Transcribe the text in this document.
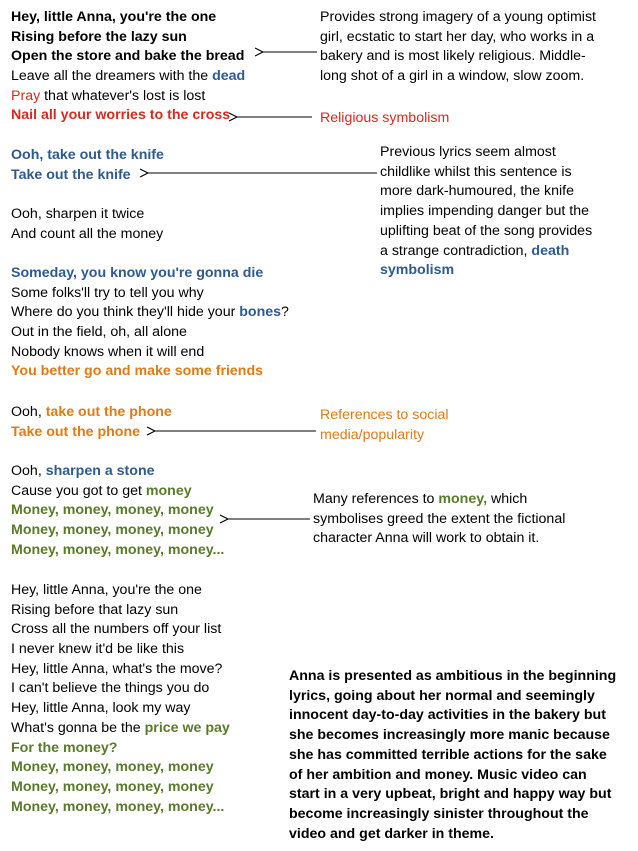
Hey, little Anna, you're the one
Rising before the lazy sun
Open the store and bake the bread
Leave all the dreamers with the dead
Pray that whatever's lost is lost
Nail all your worries to the cross
Ooh, take out the knife
Take out the knife
Ooh, sharpen it twice
And count all the money
Someday, you know you're gonna die
Some folks'll try to tell you why
Where do you think they'll hide your bones?
Out in the field, oh, all alone
Nobody knows when it will end
You better go and make some friends
Ooh, take out the phone
Take out the phone
Ooh, sharpen a stone
Cause you got to get money
Money, money, money, money
Money, money, money, money
Money, money, money, money...
Hey, little Anna, you're the one
Rising before that lazy sun
Cross all the numbers off your list
I never knew it'd be like this
Hey, little Anna, what's the move?
I can't believe the things you do
Hey, little Anna, look my way
What's gonna be the price we pay
For the money?
Money, money, money, money
Money, money, money, money
Money, money, money, money...
Provides strong imagery of a young optimist
girl, ecstatic to start her day, who works in a
bakery and is most likely religious. Middle-
long shot of a girl in a window, slow zoom.
Religious symbolism
Previous lyrics seem almost
childlike whilst this sentence is
more dark-humoured, the knife
implies impending danger but the
uplifting beat of the song provides
a strange contradiction, death
symbolism
References to social
media/popularity
Many references to money, which
symbolises greed the extent the fictional
character Anna will work to obtain it.
Anna is presented as ambitious in the beginning
lyrics, going about her normal and seemingly
innocent day-to-day activities in the bakery but
she becomes increasingly more manic because
she has committed terrible actions for the sake
of her ambition and money. Music video can
start in a very upbeat, bright and happy way but
become increasingly sinister throughout the
video and get darker in theme.
